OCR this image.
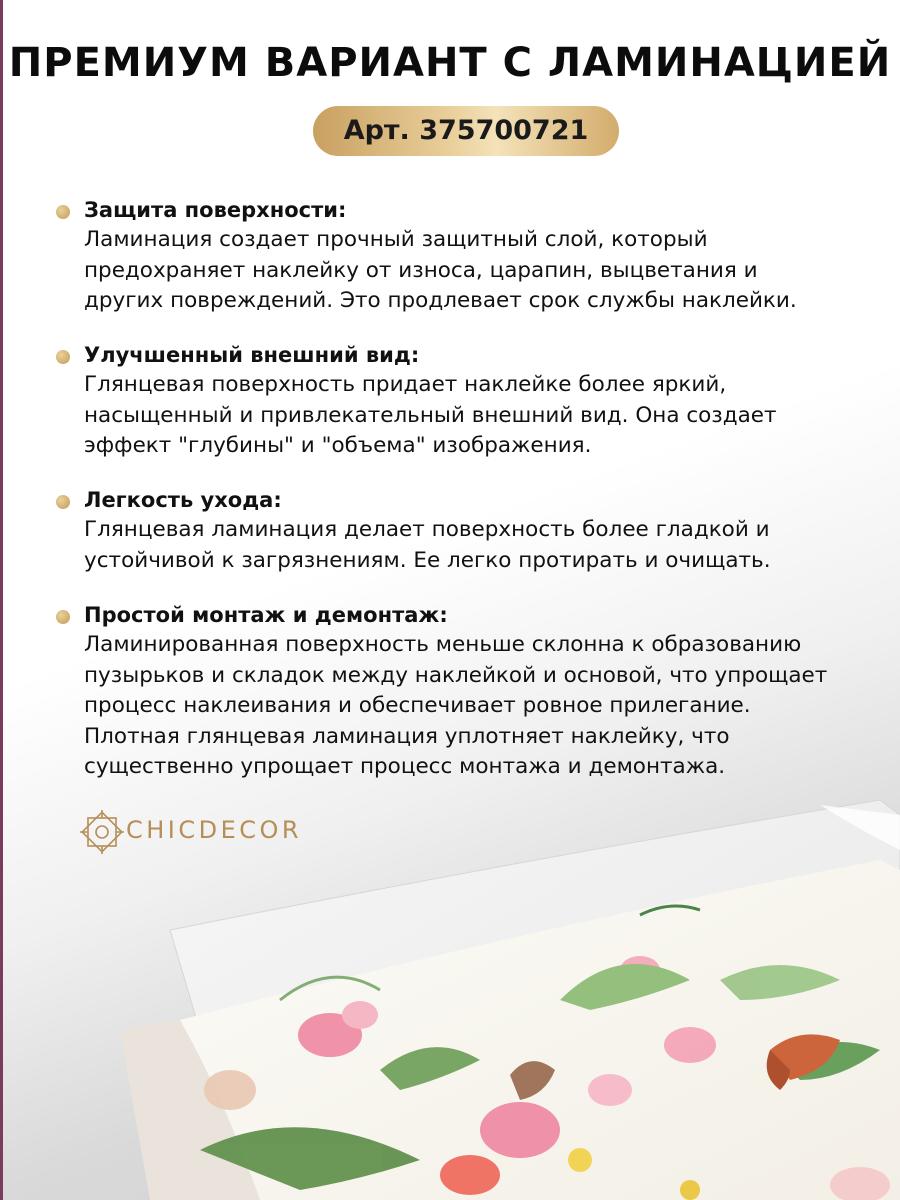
ПРЕМИУМ ВАРИАНТ С ЛАМИНАЦИЕЙ
Арт. 375700721
Защита поверхности:
Ламинация создает прочный защитный слой, который
предохраняет наклейку от износа, царапин, выцветания и
других повреждений. Это продлевает срок службы наклейки.
Улучшенный внешний вид:
Глянцевая поверхность придает наклейке более яркий,
насыщенный и привлекательный внешний вид. Она создает
эффект "глубины" и "объема" изображения.
Легкость ухода:
Глянцевая ламинация делает поверхность более гладкой и
устойчивой к загрязнениям. Ее легко протирать и очищать.
Простой монтаж и демонтаж:
Ламинированная поверхность меньше склонна к образованию
пузырьков и складок между наклейкой и основой, что упрощает
процесс наклеивания и обеспечивает ровное прилегание.
Плотная глянцевая ламинация уплотняет наклейку, что
существенно упрощает процесс монтажа и демонтажа.
CHICDECOR
